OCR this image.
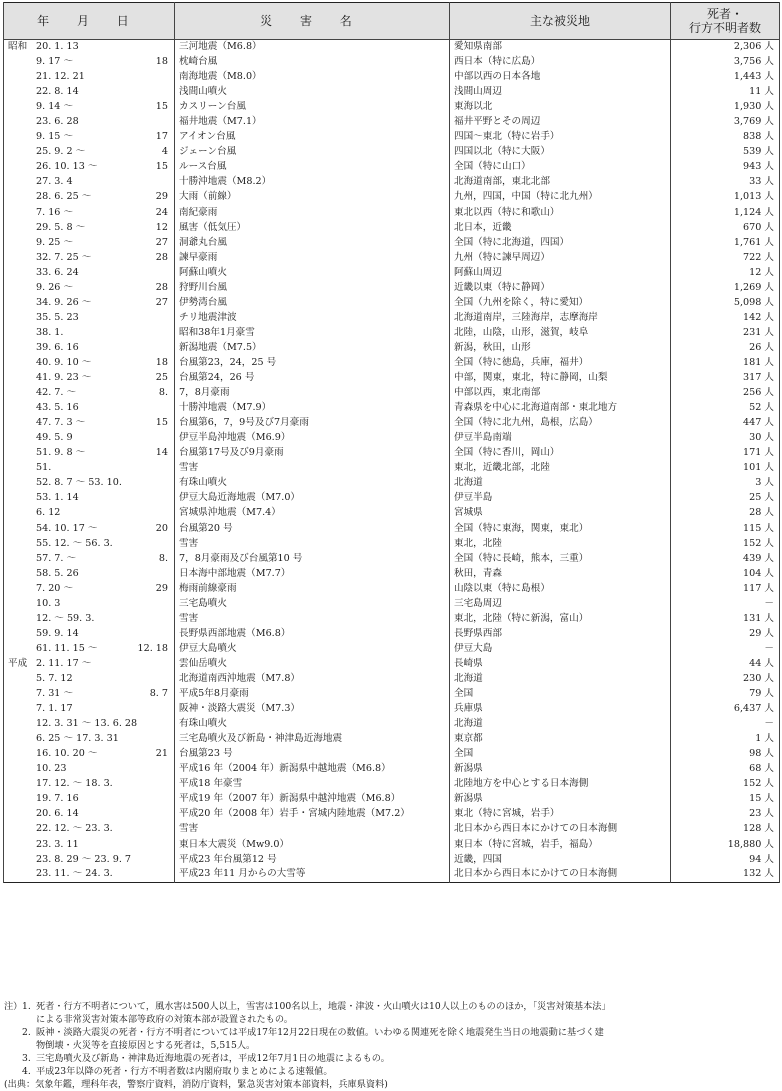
年 月 日	災 害 名	主な被災地	死者・
行方不明者数

昭和 20. 1. 13	三河地震（M6.8）	愛知県南部	2,306 人

9. 17 ～ 18	枕崎台風	西日本（特に広島）	3,756 人

21. 12. 21	南海地震（M8.0）	中部以西の日本各地	1,443 人

22. 8. 14	浅間山噴火	浅間山周辺	11 人

9. 14 ～ 15	カスリーン台風	東海以北	1,930 人

23. 6. 28	福井地震（M7.1）	福井平野とその周辺	3,769 人

9. 15 ～ 17	アイオン台風	四国～東北（特に岩手）	838 人

25. 9. 2 ～ 4	ジェーン台風	四国以北（特に大阪）	539 人

26. 10. 13 ～ 15	ルース台風	全国（特に山口）	943 人

27. 3. 4	十勝沖地震（M8.2）	北海道南部，東北北部	33 人

28. 6. 25 ～ 29	大雨（前線）	九州，四国，中国（特に北九州）	1,013 人

7. 16 ～ 24	南紀豪雨	東北以西（特に和歌山）	1,124 人

29. 5. 8 ～ 12	風害（低気圧）	北日本，近畿	670 人

9. 25 ～ 27	洞爺丸台風	全国（特に北海道，四国）	1,761 人

32. 7. 25 ～ 28	諫早豪雨	九州（特に諫早周辺）	722 人

33. 6. 24	阿蘇山噴火	阿蘇山周辺	12 人

9. 26 ～ 28	狩野川台風	近畿以東（特に静岡）	1,269 人

34. 9. 26 ～ 27	伊勢湾台風	全国（九州を除く，特に愛知）	5,098 人

35. 5. 23	チリ地震津波	北海道南岸，三陸海岸，志摩海岸	142 人

38. 1.	昭和38年1月豪雪	北陸，山陰，山形，滋賀，岐阜	231 人

39. 6. 16	新潟地震（M7.5）	新潟，秋田，山形	26 人

40. 9. 10 ～ 18	台風第23，24，25 号	全国（特に徳島，兵庫，福井）	181 人

41. 9. 23 ～ 25	台風第24，26 号	中部，関東，東北，特に静岡，山梨	317 人

42. 7. ～ 8.	7，8月豪雨	中部以西，東北南部	256 人

43. 5. 16	十勝沖地震（M7.9）	青森県を中心に北海道南部・東北地方	52 人

47. 7. 3 ～ 15	台風第6，7，9号及び7月豪雨	全国（特に北九州，島根，広島）	447 人

49. 5. 9	伊豆半島沖地震（M6.9）	伊豆半島南端	30 人

51. 9. 8 ～ 14	台風第17号及び9月豪雨	全国（特に香川，岡山）	171 人

51.	雪害	東北，近畿北部，北陸	101 人

52. 8. 7 ～ 53. 10.	有珠山噴火	北海道	3 人

53. 1. 14	伊豆大島近海地震（M7.0）	伊豆半島	25 人

6. 12	宮城県沖地震（M7.4）	宮城県	28 人

54. 10. 17 ～ 20	台風第20 号	全国（特に東海，関東，東北）	115 人

55. 12. ～ 56. 3.	雪害	東北，北陸	152 人

57. 7. ～ 8.	7，8月豪雨及び台風第10 号	全国（特に長崎，熊本，三重）	439 人

58. 5. 26	日本海中部地震（M7.7）	秋田，青森	104 人

7. 20 ～ 29	梅雨前線豪雨	山陰以東（特に島根）	117 人

10. 3	三宅島噴火	三宅島周辺	－

12. ～ 59. 3.	雪害	東北，北陸（特に新潟，富山）	131 人

59. 9. 14	長野県西部地震（M6.8）	長野県西部	29 人

61. 11. 15 ～ 12. 18	伊豆大島噴火	伊豆大島	－

平成 2. 11. 17 ～	雲仙岳噴火	長崎県	44 人

5. 7. 12	北海道南西沖地震（M7.8）	北海道	230 人

7. 31 ～ 8. 7	平成5年8月豪雨	全国	79 人

7. 1. 17	阪神・淡路大震災（M7.3）	兵庫県	6,437 人

12. 3. 31 ～ 13. 6. 28	有珠山噴火	北海道	－

6. 25 ～ 17. 3. 31	三宅島噴火及び新島・神津島近海地震	東京都	1 人

16. 10. 20 ～ 21	台風第23 号	全国	98 人

10. 23	平成16 年（2004 年）新潟県中越地震（M6.8）	新潟県	68 人

17. 12. ～ 18. 3.	平成18 年豪雪	北陸地方を中心とする日本海側	152 人

19. 7. 16	平成19 年（2007 年）新潟県中越沖地震（M6.8）	新潟県	15 人

20. 6. 14	平成20 年（2008 年）岩手・宮城内陸地震（M7.2）	東北（特に宮城，岩手）	23 人

22. 12. ～ 23. 3.	雪害	北日本から西日本にかけての日本海側	128 人

23. 3. 11	東日本大震災（Mw9.0）	東日本（特に宮城，岩手，福島）	18,880 人

23. 8. 29 ～ 23. 9. 7	平成23 年台風第12 号	近畿，四国	94 人

23. 11. ～ 24. 3.	平成23 年11 月からの大雪等	北日本から西日本にかけての日本海側	132 人
注） 1. 死者・行方不明者について，風水害は500人以上，雪害は100名以上，地震・津波・火山噴火は10人以上のもののほか，「災害対策基本法」
による非常災害対策本部等政府の対策本部が設置されたもの。
2. 阪神・淡路大震災の死者・行方不明者については平成17年12月22日現在の数値。いわゆる関連死を除く地震発生当日の地震動に基づく建
物倒壊・火災等を直接原因とする死者は，5,515人。
3. 三宅島噴火及び新島・神津島近海地震の死者は，平成12年7月1日の地震によるもの。
4. 平成23年以降の死者・行方不明者数は内閣府取りまとめによる速報値。
(出典：気象年鑑，理科年表，警察庁資料，消防庁資料，緊急災害対策本部資料，兵庫県資料)
